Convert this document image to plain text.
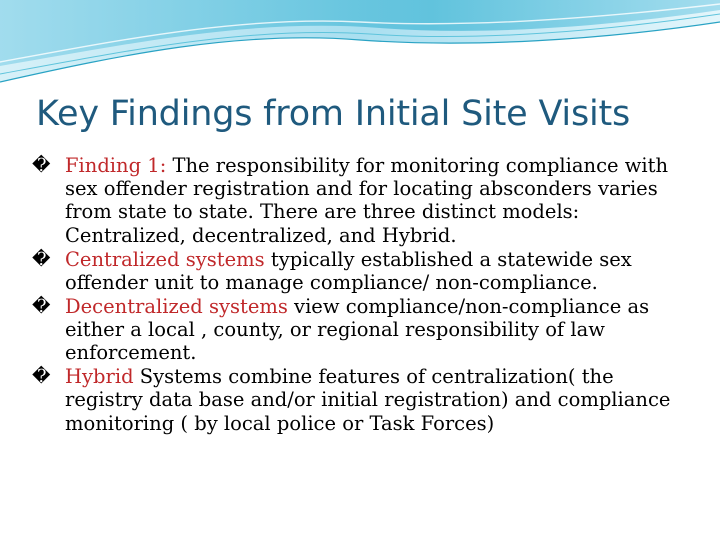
Key Findings from Initial Site Visits
� Finding 1: The responsibility for monitoring compliance with sex offender registration and for locating absconders varies from state to state. There are three distinct models: Centralized, decentralized, and Hybrid.
� Centralized systems typically established a statewide sex offender unit to manage compliance/ non-compliance.
� Decentralized systems view compliance/non-compliance as either a local , county, or regional responsibility of law enforcement.
� Hybrid Systems combine features of centralization( the registry data base and/or initial registration) and compliance monitoring ( by local police or Task Forces)
